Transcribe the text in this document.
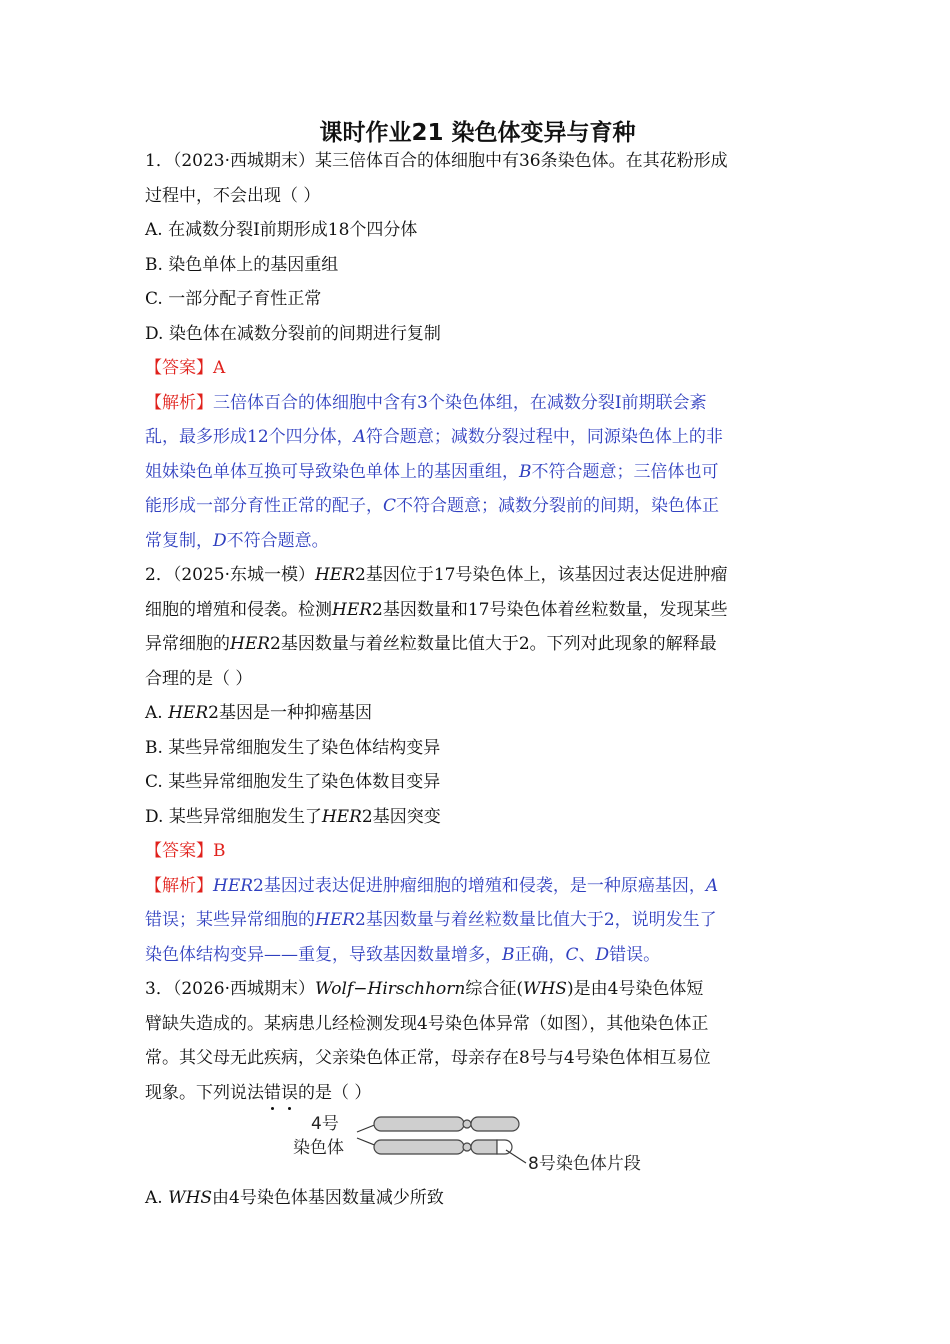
课时作业21 染色体变异与育种
1．（2023·西城期末）某三倍体百合的体细胞中有36条染色体。在其花粉形成
过程中，不会出现（ ）
A. 在减数分裂Ⅰ前期形成18个四分体
B. 染色单体上的基因重组
C. 一部分配子育性正常
D. 染色体在减数分裂前的间期进行复制
【答案】A
【解析】三倍体百合的体细胞中含有3个染色体组，在减数分裂Ⅰ前期联会紊
乱，最多形成12个四分体，A符合题意；减数分裂过程中，同源染色体上的非
姐妹染色单体互换可导致染色单体上的基因重组，B不符合题意；三倍体也可
能形成一部分育性正常的配子，C不符合题意；减数分裂前的间期，染色体正
常复制，D不符合题意。
2．（2025·东城一模）HER2基因位于17号染色体上，该基因过表达促进肿瘤
细胞的增殖和侵袭。检测HER2基因数量和17号染色体着丝粒数量，发现某些
异常细胞的HER2基因数量与着丝粒数量比值大于2。下列对此现象的解释最
合理的是（ ）
A. HER2基因是一种抑癌基因
B. 某些异常细胞发生了染色体结构变异
C. 某些异常细胞发生了染色体数目变异
D. 某些异常细胞发生了HER2基因突变
【答案】B
【解析】HER2基因过表达促进肿瘤细胞的增殖和侵袭，是一种原癌基因，A
错误；某些异常细胞的HER2基因数量与着丝粒数量比值大于2，说明发生了
染色体结构变异——重复，导致基因数量增多，B正确，C、D错误。
3．（2026·西城期末）Wolf−Hirschhorn综合征(WHS)是由4号染色体短
臂缺失造成的。某病患儿经检测发现4号染色体异常（如图），其他染色体正
常。其父母无此疾病，父亲染色体正常，母亲存在8号与4号染色体相互易位
现象。下列说法错误的是（ ）
A. WHS由4号染色体基因数量减少所致
4号
染色体
8号染色体片段
